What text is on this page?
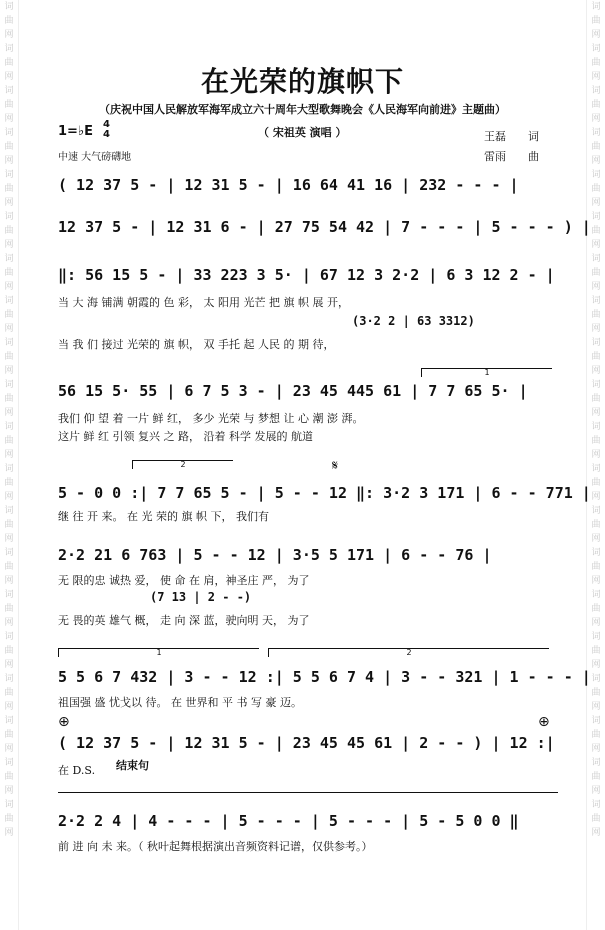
词
曲
网
词
曲
网
词
曲
网
词
曲
网
词
曲
网
词
曲
网
词
曲
网
词
曲
网
词
曲
网
词
曲
网
词
曲
网
词
曲
网
词
曲
网
词
曲
网
词
曲
网
词
曲
网
词
曲
网
词
曲
网
词
曲
网
词
曲
网
词
曲
网
词
曲
网
词
曲
网
词
曲
网
词
曲
网
词
曲
网
词
曲
网
词
曲
网
词
曲
网
词
曲
网
词
曲
网
词
曲
网
词
曲
网
词
曲
网
词
曲
网
词
曲
网
词
曲
网
词
曲
网
词
曲
网
词
曲
网
在光荣的旗帜下
（庆祝中国人民解放军海军成立六十周年大型歌舞晚会《人民海军向前进》主题曲）
1=♭E 4
4
中速 大气磅礴地
（ 宋祖英 演唱 ）	王磊 词
雷雨 曲
( 12 37 5 - | 12 31 5 - | 16 64 41 16 | 232 - - - |
12 37 5 - | 12 31 6 - | 27 75 54 42 | 7 - - - | 5 - - - ) |
‖: 56 15 5 - | 33 223 3 5· | 67 12 3 2·2 | 6 3 12 2 - |
当 大 海 铺满 朝霞的 色 彩， 太 阳用 光芒 把 旗 帜 展 开，
(3·2 2 | 63 3312)
当 我 们 接过 光荣的 旗 帜， 双 手托 起 人民 的 期 待，
1
56 15 5· 55 | 6 7 5 3 - | 23 45 445 61 | 7 7 65 5· |
我们 仰 望 着 一片 鲜 红， 多少 光荣 与 梦想 让 心 潮 澎 湃。
这片 鲜 红 引领 复兴 之 路， 沿着 科学 发展的 航道
2	𝄋
5 - 0 0 :| 7 7 65 5 - | 5 - - 12 ‖: 3·2 3 171 | 6 - - 771 |
继 往 开 来。 在 光 荣的 旗 帜 下， 我们有
2·2 21 6 763 | 5 - - 12 | 3·5 5 171 | 6 - - 76 |
无 限的忠 诚热 爱， 使 命 在 肩，神圣庄 严， 为了
(7 13 | 2 - -)
无 畏的英 雄气 概， 走 向 深 蓝，驶向明 天， 为了
1	2
5 5 6 7 432 | 3 - - 12 :| 5 5 6 7 4 | 3 - - 321 | 1 - - - |
祖国强 盛 忧戈以 待。 在 世界和 平 书 写 豪 迈。
⊕	⊕
( 12 37 5 - | 12 31 5 - | 23 45 45 61 | 2 - - ) | 12 :|
在 D.S.	结束句
2·2 2 4 | 4 - - - | 5 - - - | 5 - - - | 5 - 5 0 0 ‖
前 进 向 未 来。（ 秋叶起舞根据演出音频资料记谱，仅供参考。）
